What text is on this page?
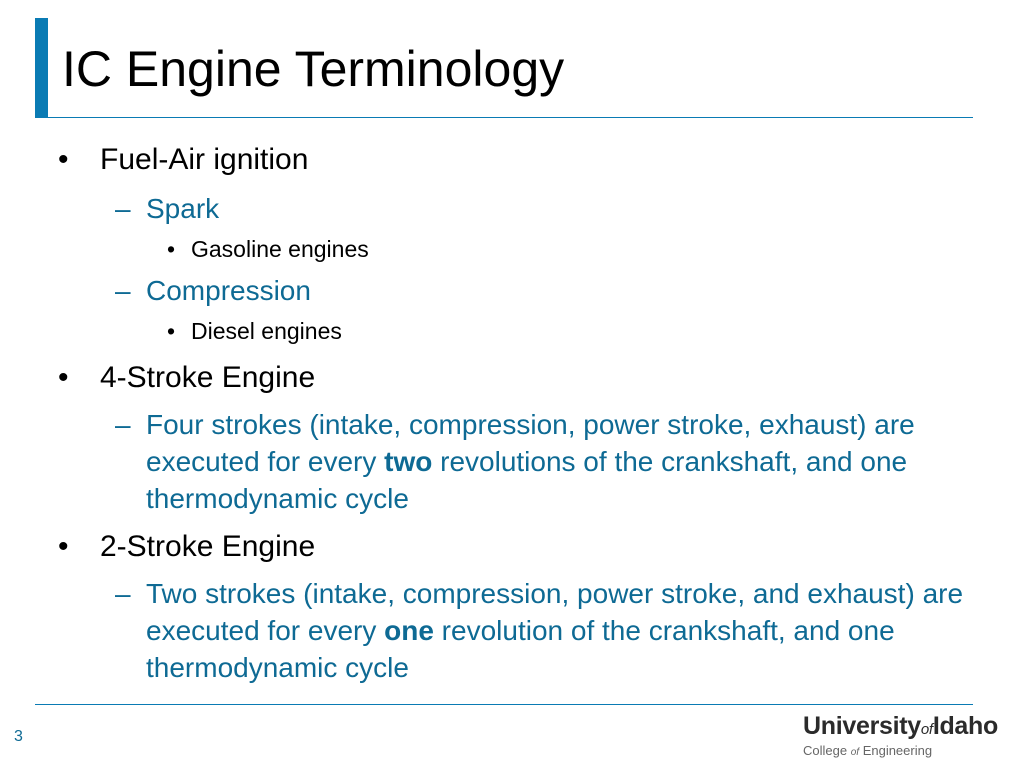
IC Engine Terminology
• Fuel-Air ignition
– Spark
• Gasoline engines
– Compression
• Diesel engines
• 4-Stroke Engine
– Four strokes (intake, compression, power stroke, exhaust) are executed for every two revolutions of the crankshaft, and one thermodynamic cycle
• 2-Stroke Engine
– Two strokes (intake, compression, power stroke, and exhaust) are executed for every one revolution of the crankshaft, and one thermodynamic cycle
3	UniversityofIdaho
College of Engineering
